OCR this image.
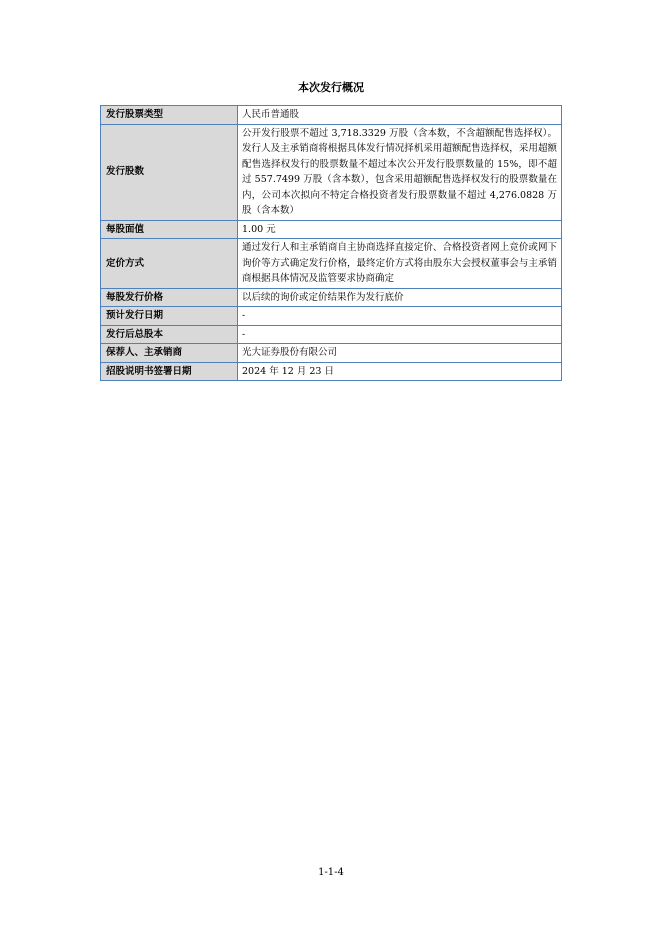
本次发行概况
发行股票类型	人民币普通股
发行股数	公开发行股票不超过 3,718.3329 万股（含本数，不含超额配售选择权）。发行人及主承销商将根据具体发行情况择机采用超额配售选择权，采用超额配售选择权发行的股票数量不超过本次公开发行股票数量的 15%，即不超过 557.7499 万股（含本数），包含采用超额配售选择权发行的股票数量在内，公司本次拟向不特定合格投资者发行股票数量不超过 4,276.0828 万股（含本数）
每股面值	1.00 元
定价方式	通过发行人和主承销商自主协商选择直接定价、合格投资者网上竞价或网下询价等方式确定发行价格，最终定价方式将由股东大会授权董事会与主承销商根据具体情况及监管要求协商确定
每股发行价格	以后续的询价或定价结果作为发行底价
预计发行日期	-
发行后总股本	-
保荐人、主承销商	光大证券股份有限公司
招股说明书签署日期	2024 年 12 月 23 日
1-1-4
